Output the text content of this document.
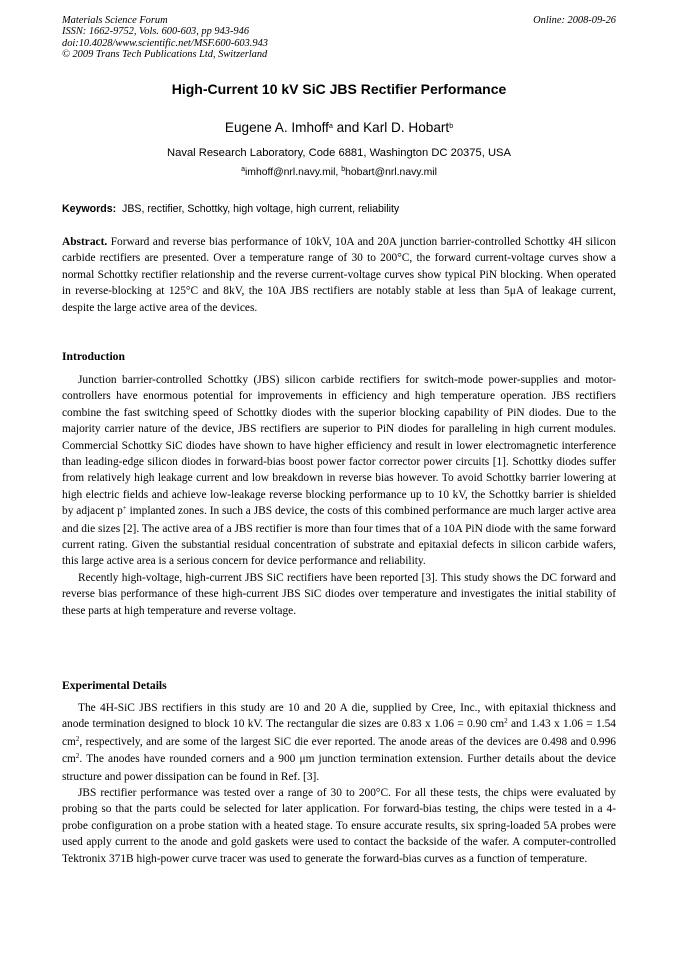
Materials Science Forum
ISSN: 1662-9752, Vols. 600-603, pp 943-946
doi:10.4028/www.scientific.net/MSF.600-603.943
© 2009 Trans Tech Publications Ltd, Switzerland
Online: 2008-09-26
High-Current 10 kV SiC JBS Rectifier Performance
Eugene A. Imhoff$^a$ and Karl D. Hobart$^b$
Naval Research Laboratory, Code 6881, Washington DC 20375, USA
$^a$imhoff@nrl.navy.mil, $^b$hobart@nrl.navy.mil
Keywords:  JBS, rectifier, Schottky, high voltage, high current, reliability

Abstract. Forward and reverse bias performance of 10kV, 10A and 20A junction barrier-controlled Schottky 4H silicon carbide rectifiers are presented. Over a temperature range of 30 to 200°C, the forward current-voltage curves show a normal Schottky rectifier relationship and the reverse current-voltage curves show typical PiN blocking. When operated in reverse-blocking at 125°C and 8kV, the 10A JBS rectifiers are notably stable at less than 5μA of leakage current, despite the large active area of the devices.

Introduction

Junction barrier-controlled Schottky (JBS) silicon carbide rectifiers for switch-mode power-supplies and motor-controllers have enormous potential for improvements in efficiency and high temperature operation. JBS rectifiers combine the fast switching speed of Schottky diodes with the superior blocking capability of PiN diodes. Due to the majority carrier nature of the device, JBS rectifiers are superior to PiN diodes for paralleling in high current modules. Commercial Schottky SiC diodes have shown to have higher efficiency and result in lower electromagnetic interference than leading-edge silicon diodes in forward-bias boost power factor corrector power circuits [1]. Schottky diodes suffer from relatively high leakage current and low breakdown in reverse bias however. To avoid Schottky barrier lowering at high electric fields and achieve low-leakage reverse blocking performance up to 10 kV, the Schottky barrier is shielded by adjacent p+ implanted zones. In such a JBS device, the costs of this combined performance are much larger active area and die sizes [2]. The active area of a JBS rectifier is more than four times that of a 10A PiN diode with the same forward current rating. Given the substantial residual concentration of substrate and epitaxial defects in silicon carbide wafers, this large active area is a serious concern for device performance and reliability.

Recently high-voltage, high-current JBS SiC rectifiers have been reported [3]. This study shows the DC forward and reverse bias performance of these high-current JBS SiC diodes over temperature and investigates the initial stability of these parts at high temperature and reverse voltage.

Experimental Details

The 4H-SiC JBS rectifiers in this study are 10 and 20 A die, supplied by Cree, Inc., with epitaxial thickness and anode termination designed to block 10 kV. The rectangular die sizes are 0.83 x 1.06 = 0.90 $cm^2$ and 1.43 x 1.06 = 1.54 $cm^2$, respectively, and are some of the largest SiC die ever reported. The anode areas of the devices are 0.498 and 0.996 $cm^2$. The anodes have rounded corners and a 900 μm junction termination extension. Further details about the device structure and power dissipation can be found in Ref. [3].

JBS rectifier performance was tested over a range of 30 to 200°C. For all these tests, the chips were evaluated by probing so that the parts could be selected for later application. For forward-bias testing, the chips were tested in a 4-probe configuration on a probe station with a heated stage. To ensure accurate results, six spring-loaded 5A probes were used apply current to the anode and gold gaskets were used to contact the backside of the wafer. A computer-controlled Tektronix 371B high-power curve tracer was used to generate the forward-bias curves as a function of temperature.
